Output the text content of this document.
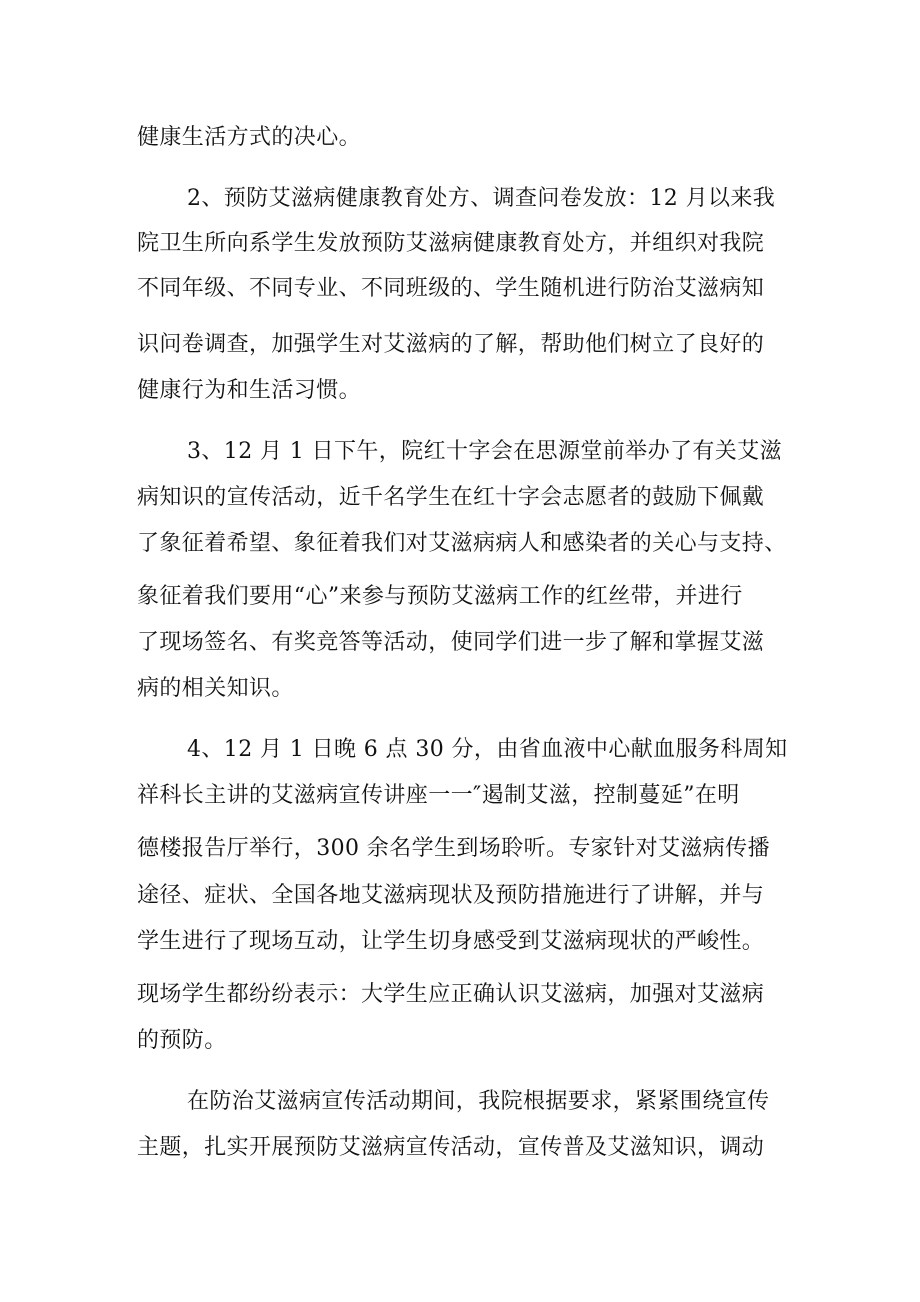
健康生活方式的决心。
2、预防艾滋病健康教育处方、调查问卷发放：12 月以来我
院卫生所向系学生发放预防艾滋病健康教育处方，并组织对我院
不同年级、不同专业、不同班级的、学生随机进行防治艾滋病知
识问卷调查，加强学生对艾滋病的了解，帮助他们树立了良好的
健康行为和生活习惯。
3、12 月 1 日下午，院红十字会在思源堂前举办了有关艾滋
病知识的宣传活动，近千名学生在红十字会志愿者的鼓励下佩戴
了象征着希望、象征着我们对艾滋病病人和感染者的关心与支持、
象征着我们要用“心”来参与预防艾滋病工作的红丝带，并进行
了现场签名、有奖竞答等活动，使同学们进一步了解和掌握艾滋
病的相关知识。
4、12 月 1 日晚 6 点 30 分，由省血液中心献血服务科周知
祥科长主讲的艾滋病宣传讲座一一″遏制艾滋，控制蔓延”在明
德楼报告厅举行，300 余名学生到场聆听。专家针对艾滋病传播
途径、症状、全国各地艾滋病现状及预防措施进行了讲解，并与
学生进行了现场互动，让学生切身感受到艾滋病现状的严峻性。
现场学生都纷纷表示：大学生应正确认识艾滋病，加强对艾滋病
的预防。
在防治艾滋病宣传活动期间，我院根据要求，紧紧围绕宣传
主题，扎实开展预防艾滋病宣传活动，宣传普及艾滋知识，调动
